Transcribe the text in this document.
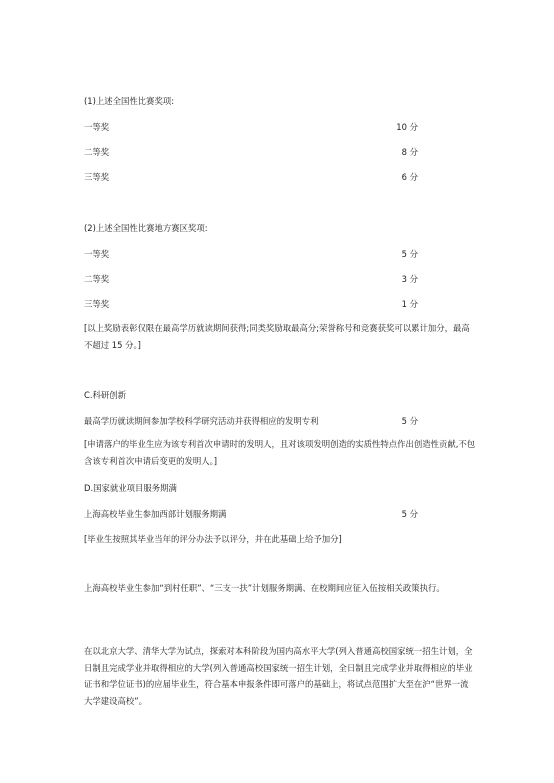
(1)上述全国性比赛奖项:
一等奖	10 分
二等奖	8 分
三等奖	6 分
(2)上述全国性比赛地方赛区奖项:
一等奖	5 分
二等奖	3 分
三等奖	1 分
[以上奖励表彰仅限在最高学历就读期间获得;同类奖励取最高分;荣誉称号和竞赛获奖可以累计加分，最高不超过 15 分。]
C.科研创新
最高学历就读期间参加学校科学研究活动并获得相应的发明专利	5 分
[申请落户的毕业生应为该专利首次申请时的发明人，且对该项发明创造的实质性特点作出创造性贡献,不包含该专利首次申请后变更的发明人。]
D.国家就业项目服务期满
上海高校毕业生参加西部计划服务期满	5 分
[毕业生按照其毕业当年的评分办法予以评分，并在此基础上给予加分]
上海高校毕业生参加“到村任职”、“三支一扶”计划服务期满、在校期间应征入伍按相关政策执行。
在以北京大学、清华大学为试点，探索对本科阶段为国内高水平大学(列入普通高校国家统一招生计划，全日制且完成学业并取得相应的大学(列入普通高校国家统一招生计划，全日制且完成学业并取得相应的毕业证书和学位证书)的应届毕业生，符合基本申报条件即可落户的基础上，将试点范围扩大至在沪“世界一流大学建设高校”。
